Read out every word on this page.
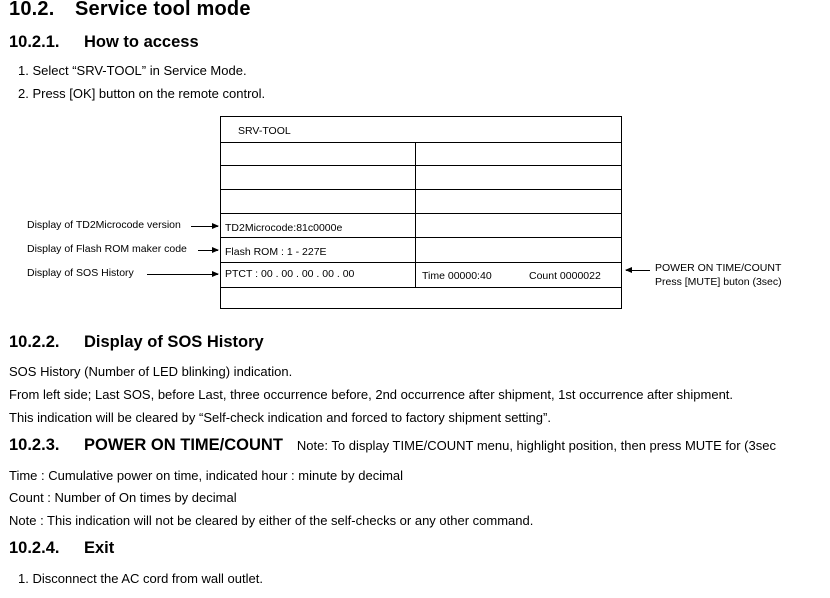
10.2. Service tool mode
10.2.1. How to access
1. Select “SRV-TOOL” in Service Mode.
2. Press [OK] button on the remote control.
SRV-TOOL
TD2Microcode:81c0000e
Flash ROM : 1 - 227E
PTCT : 00 . 00 . 00 . 00 . 00	Time 00000:40	Count 0000022
Display of TD2Microcode version
Display of Flash ROM maker code
Display of SOS History	POWER ON TIME/COUNT
Press [MUTE] buton (3sec)
10.2.2. Display of SOS History
SOS History (Number of LED blinking) indication.
From left side; Last SOS, before Last, three occurrence before, 2nd occurrence after shipment, 1st occurrence after shipment.
This indication will be cleared by “Self-check indication and forced to factory shipment setting”.
10.2.3. POWER ON TIME/COUNT Note: To display TIME/COUNT menu, highlight position, then press MUTE for (3sec
Time : Cumulative power on time, indicated hour : minute by decimal
Count : Number of On times by decimal
Note : This indication will not be cleared by either of the self-checks or any other command.
10.2.4. Exit
1. Disconnect the AC cord from wall outlet.
